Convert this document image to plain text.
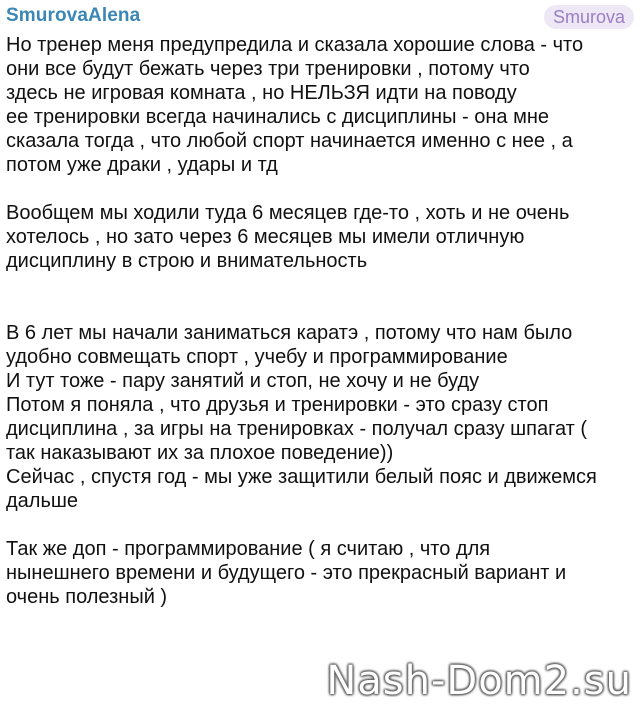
SmurovaAlena	Smurova

Но тренер меня предупредила и сказала хорошие слова - что
они все будут бежать через три тренировки , потому что
здесь не игровая комната , но НЕЛЬЗЯ идти на поводу
ее тренировки всегда начинались с дисциплины - она мне
сказала тогда , что любой спорт начинается именно с нее , а
потом уже драки , удары и тд

Вообщем мы ходили туда 6 месяцев где-то , хоть и не очень
хотелось , но зато через 6 месяцев мы имели отличную
дисциплину в строю и внимательность

В 6 лет мы начали заниматься каратэ , потому что нам было
удобно совмещать спорт , учебу и программирование
И тут тоже - пару занятий и стоп, не хочу и не буду
Потом я поняла , что друзья и тренировки - это сразу стоп
дисциплина , за игры на тренировках - получал сразу шпагат (
так наказывают их за плохое поведение))
Сейчас , спустя год - мы уже защитили белый пояс и движемся
дальше

Так же доп - программирование ( я считаю , что для
нынешнего времени и будущего - это прекрасный вариант и
очень полезный )

Nash-Dom2.su
